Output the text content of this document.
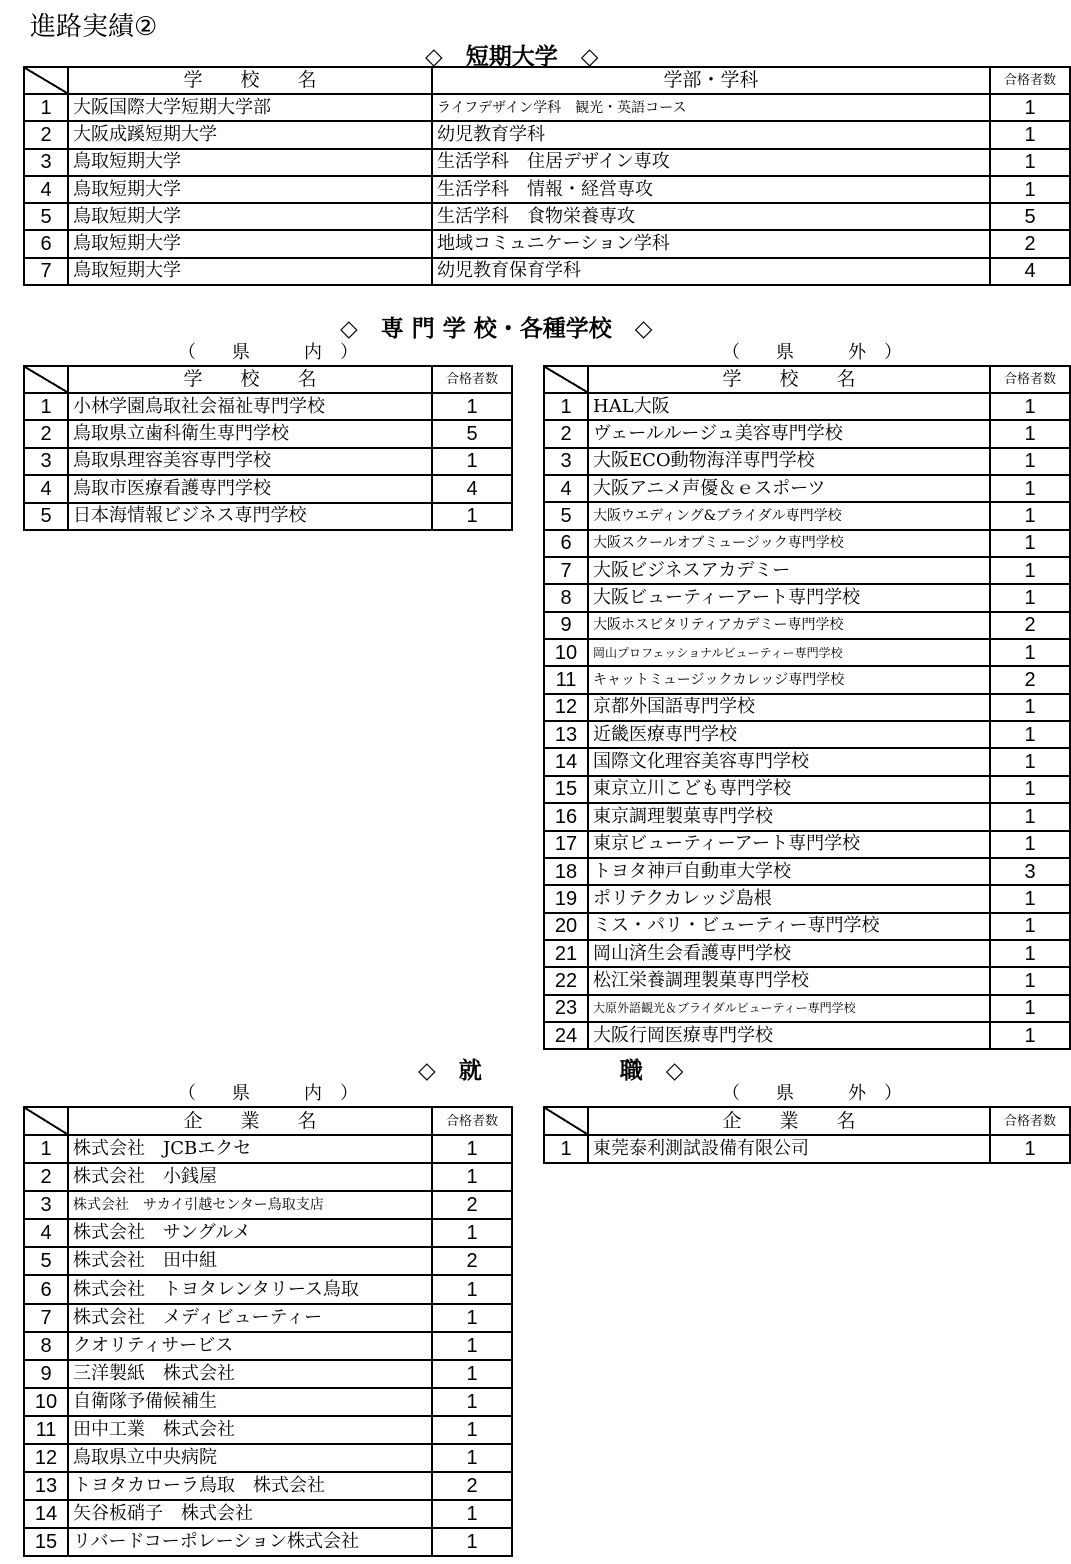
進路実績②
◇　短期大学　◇
	学　　校　　名	学部・学科	合格者数
1	大阪国際大学短期大学部	ライフデザイン学科　観光・英語コース	1
2	大阪成蹊短期大学	幼児教育学科	1
3	鳥取短期大学	生活学科　住居デザイン専攻	1
4	鳥取短期大学	生活学科　情報・経営専攻	1
5	鳥取短期大学	生活学科　食物栄養専攻	5
6	鳥取短期大学	地域コミュニケーション学科	2
7	鳥取短期大学	幼児教育保育学科	4
◇　専 門 学 校・各種学校　◇
（　　県　　　内　）	（　　県　　　外　）
	学　　校　　名	合格者数
1	小林学園鳥取社会福祉専門学校	1
2	鳥取県立歯科衛生専門学校	5
3	鳥取県理容美容専門学校	1
4	鳥取市医療看護専門学校	4
5	日本海情報ビジネス専門学校	1
	学　　校　　名	合格者数
1	HAL大阪	1
2	ヴェールルージュ美容専門学校	1
3	大阪ECO動物海洋専門学校	1
4	大阪アニメ声優＆ｅスポーツ	1
5	大阪ウエディング&ブライダル専門学校	1
6	大阪スクールオブミュージック専門学校	1
7	大阪ビジネスアカデミー	1
8	大阪ビューティーアート専門学校	1
9	大阪ホスピタリティアカデミー専門学校	2
10	岡山プロフェッショナルビューティー専門学校	1
11	キャットミュージックカレッジ専門学校	2
12	京都外国語専門学校	1
13	近畿医療専門学校	1
14	国際文化理容美容専門学校	1
15	東京立川こども専門学校	1
16	東京調理製菓専門学校	1
17	東京ビューティーアート専門学校	1
18	トヨタ神戸自動車大学校	3
19	ポリテクカレッジ島根	1
20	ミス・パリ・ビューティー専門学校	1
21	岡山済生会看護専門学校	1
22	松江栄養調理製菓専門学校	1
23	大原外語観光＆ブライダルビューティー専門学校	1
24	大阪行岡医療専門学校	1
◇　就　　　　　　職　◇
（　　県　　　内　）	（　　県　　　外　）
	企　　業　　名	合格者数
1	株式会社　JCBエクセ	1
2	株式会社　小銭屋	1
3	株式会社　サカイ引越センター鳥取支店	2
4	株式会社　サングルメ	1
5	株式会社　田中組	2
6	株式会社　トヨタレンタリース鳥取	1
7	株式会社　メディビューティー	1
8	クオリティサービス	1
9	三洋製紙　株式会社	1
10	自衛隊予備候補生	1
11	田中工業　株式会社	1
12	鳥取県立中央病院	1
13	トヨタカローラ鳥取　株式会社	2
14	矢谷板硝子　株式会社	1
15	リバードコーポレーション株式会社	1
	企　　業　　名	合格者数
1	東莞泰利測試設備有限公司	1
